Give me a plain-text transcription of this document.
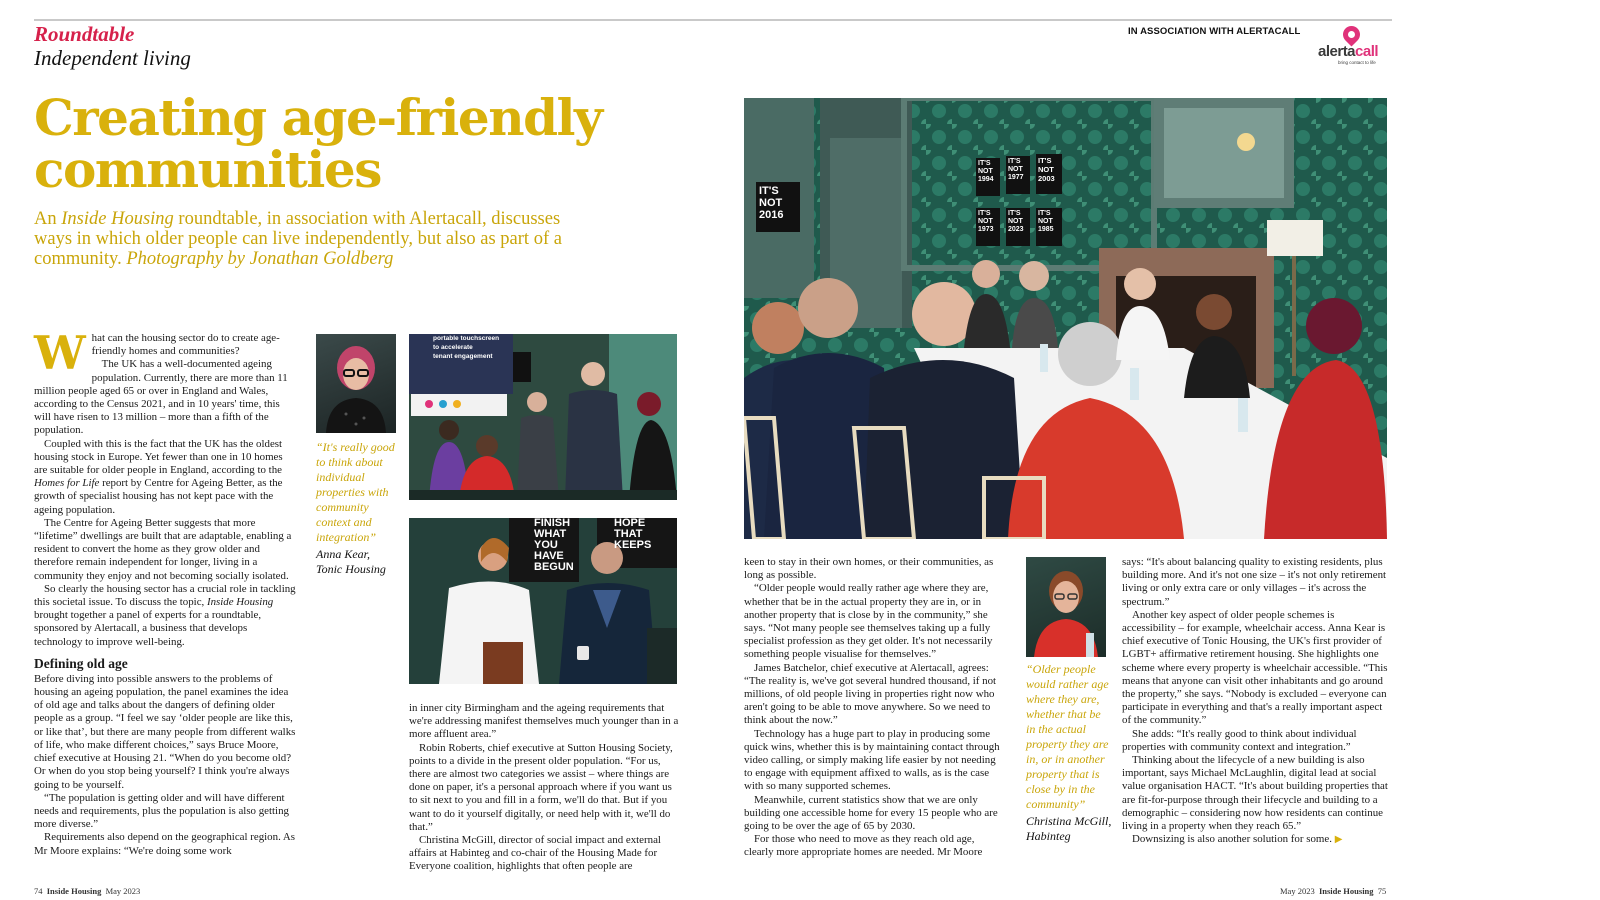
Roundtable
Independent living
IN ASSOCIATION WITH ALERTACALL
alertacall
bring contact to life
Creating age-friendly communities
An Inside Housing roundtable, in association with Alertacall, discusses ways in which older people can live independently, but also as part of a community. Photography by Jonathan Goldberg
W hat can the housing sector do to create age-friendly homes and communities?

The UK has a well-documented ageing population. Currently, there are more than 11 million people aged 65 or over in England and Wales, according to the Census 2021, and in 10 years' time, this will have risen to 13 million – more than a fifth of the population.

Coupled with this is the fact that the UK has the oldest housing stock in Europe. Yet fewer than one in 10 homes are suitable for older people in England, according to the Homes for Life report by Centre for Ageing Better, as the growth of specialist housing has not kept pace with the ageing population.

The Centre for Ageing Better suggests that more “lifetime” dwellings are built that are adaptable, enabling a resident to convert the home as they grow older and therefore remain independent for longer, living in a community they enjoy and not becoming socially isolated.

So clearly the housing sector has a crucial role in tackling this societal issue. To discuss the topic, Inside Housing brought together a panel of experts for a roundtable, sponsored by Alertacall, a business that develops technology to improve well-being.

Defining old age

Before diving into possible answers to the problems of housing an ageing population, the panel examines the idea of old age and talks about the dangers of defining older people as a group. “I feel we say ‘older people are like this, or like that’, but there are many people from different walks of life, who make different choices,” says Bruce Moore, chief executive at Housing 21. “When do you become old? Or when do you stop being yourself? I think you're always going to be yourself.

“The population is getting older and will have different needs and requirements, plus the population is also getting more diverse.”

Requirements also depend on the geographical region. As Mr Moore explains: “We're doing some work

“It's really good to think about individual properties with community context and integration”
Anna Kear,
Tonic Housing
portable touchscreen
to accelerate
tenant engagement
FINISH WHAT YOU HAVE BEGUN
HOPE THAT KEEPS

in inner city Birmingham and the ageing requirements that we're addressing manifest themselves much younger than in a more affluent area.”

Robin Roberts, chief executive at Sutton Housing Society, points to a divide in the present older population. “For us, there are almost two categories we assist – where things are done on paper, it's a personal approach where if you want us to sit next to you and fill in a form, we'll do that. But if you want to do it yourself digitally, or need help with it, we'll do that.”

Christina McGill, director of social impact and external affairs at Habinteg and co-chair of the Housing Made for Everyone coalition, highlights that often people are

IT'S NOT 2016
IT'S NOT 1994
IT'S NOT 1977
IT'S NOT 2003
IT'S NOT 1973
IT'S NOT 2023
IT'S NOT 1985

keen to stay in their own homes, or their communities, as long as possible.

“Older people would really rather age where they are, whether that be in the actual property they are in, or in another property that is close by in the community,” she says. “Not many people see themselves taking up a fully specialist profession as they get older. It's not necessarily something people visualise for themselves.”

James Batchelor, chief executive at Alertacall, agrees: “The reality is, we've got several hundred thousand, if not millions, of old people living in properties right now who aren't going to be able to move anywhere. So we need to think about the now.”

Technology has a huge part to play in producing some quick wins, whether this is by maintaining contact through video calling, or simply making life easier by not needing to engage with equipment affixed to walls, as is the case with so many supported schemes.

Meanwhile, current statistics show that we are only building one accessible home for every 15 people who are going to be over the age of 65 by 2030.

For those who need to move as they reach old age, clearly more appropriate homes are needed. Mr Moore

“Older people would rather age where they are, whether that be in the actual property they are in, or in another property that is close by in the community”
Christina McGill,
Habinteg

says: “It's about balancing quality to existing residents, plus building more. And it's not one size – it's not only retirement living or only extra care or only villages – it's across the spectrum.”

Another key aspect of older people schemes is accessibility – for example, wheelchair access. Anna Kear is chief executive of Tonic Housing, the UK's first provider of LGBT+ affirmative retirement housing. She highlights one scheme where every property is wheelchair accessible. “This means that anyone can visit other inhabitants and go around the property,” she says. “Nobody is excluded – everyone can participate in everything and that's a really important aspect of the community.”

She adds: “It's really good to think about individual properties with community context and integration.”

Thinking about the lifecycle of a new building is also important, says Michael McLaughlin, digital lead at social value organisation HACT. “It's about building properties that are fit-for-purpose through their lifecycle and building to a demographic – considering now how residents can continue living in a property when they reach 65.”

Downsizing is also another solution for some. ▶

74 Inside Housing May 2023	May 2023 Inside Housing 75
